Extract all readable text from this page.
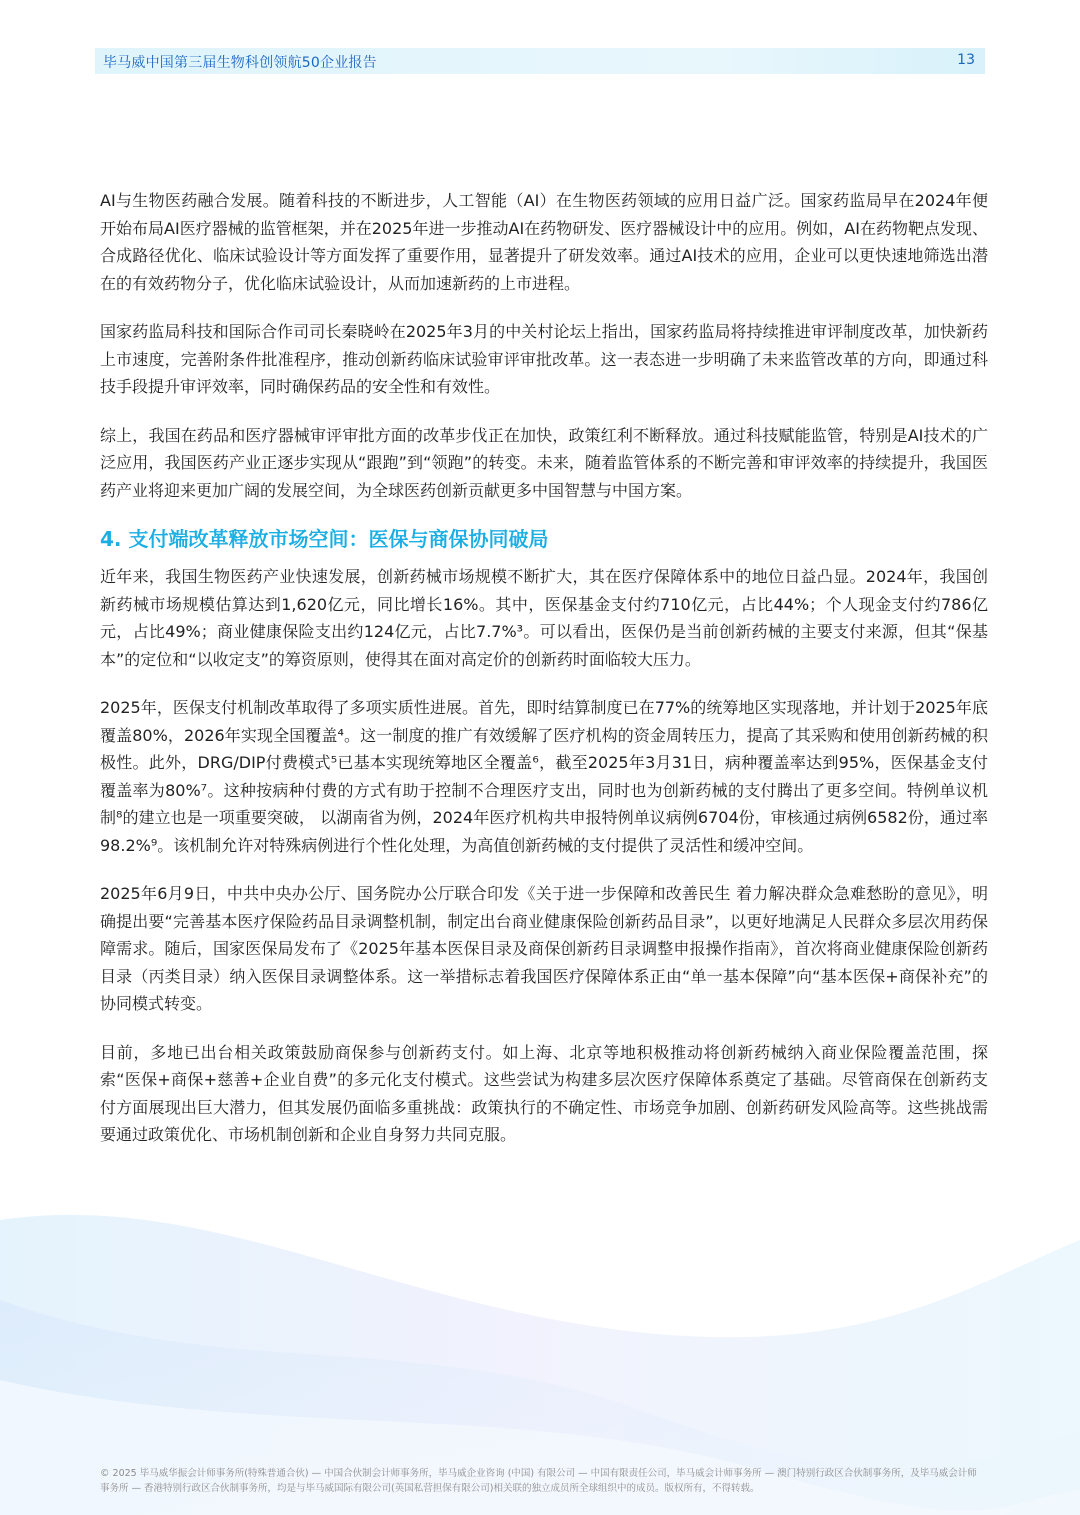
毕马威中国第三届生物科创领航50企业报告	13

AI与生物医药融合发展。随着科技的不断进步，人工智能（AI）在生物医药领域的应用日益广泛。国家药监局早在2024年便开始布局AI医疗器械的监管框架，并在2025年进一步推动AI在药物研发、医疗器械设计中的应用。例如，AI在药物靶点发现、合成路径优化、临床试验设计等方面发挥了重要作用，显著提升了研发效率。通过AI技术的应用，企业可以更快速地筛选出潜在的有效药物分子，优化临床试验设计，从而加速新药的上市进程。

国家药监局科技和国际合作司司长秦晓岭在2025年3月的中关村论坛上指出，国家药监局将持续推进审评制度改革，加快新药上市速度，完善附条件批准程序，推动创新药临床试验审评审批改革。这一表态进一步明确了未来监管改革的方向，即通过科技手段提升审评效率，同时确保药品的安全性和有效性。

综上，我国在药品和医疗器械审评审批方面的改革步伐正在加快，政策红利不断释放。通过科技赋能监管，特别是AI技术的广泛应用，我国医药产业正逐步实现从“跟跑”到“领跑”的转变。未来，随着监管体系的不断完善和审评效率的持续提升，我国医药产业将迎来更加广阔的发展空间，为全球医药创新贡献更多中国智慧与中国方案。

4. 支付端改革释放市场空间：医保与商保协同破局

近年来，我国生物医药产业快速发展，创新药械市场规模不断扩大，其在医疗保障体系中的地位日益凸显。2024年，我国创新药械市场规模估算达到1,620亿元，同比增长16%。其中，医保基金支付约710亿元，占比44%；个人现金支付约786亿元，占比49%；商业健康保险支出约124亿元，占比7.7%³。可以看出，医保仍是当前创新药械的主要支付来源，但其“保基本”的定位和“以收定支”的筹资原则，使得其在面对高定价的创新药时面临较大压力。

2025年，医保支付机制改革取得了多项实质性进展。首先，即时结算制度已在77%的统筹地区实现落地，并计划于2025年底覆盖80%，2026年实现全国覆盖⁴。这一制度的推广有效缓解了医疗机构的资金周转压力，提高了其采购和使用创新药械的积极性。此外，DRG/DIP付费模式⁵已基本实现统筹地区全覆盖⁶，截至2025年3月31日，病种覆盖率达到95%，医保基金支付覆盖率为80%⁷。这种按病种付费的方式有助于控制不合理医疗支出，同时也为创新药械的支付腾出了更多空间。特例单议机制⁸的建立也是一项重要突破， 以湖南省为例，2024年医疗机构共申报特例单议病例6704份，审核通过病例6582份，通过率98.2%⁹。该机制允许对特殊病例进行个性化处理，为高值创新药械的支付提供了灵活性和缓冲空间。

2025年6月9日，中共中央办公厅、国务院办公厅联合印发《关于进一步保障和改善民生 着力解决群众急难愁盼的意见》，明确提出要“完善基本医疗保险药品目录调整机制，制定出台商业健康保险创新药品目录”，以更好地满足人民群众多层次用药保障需求。随后，国家医保局发布了《2025年基本医保目录及商保创新药目录调整申报操作指南》，首次将商业健康保险创新药目录（丙类目录）纳入医保目录调整体系。这一举措标志着我国医疗保障体系正由“单一基本保障”向“基本医保+商保补充”的协同模式转变。

目前，多地已出台相关政策鼓励商保参与创新药支付。如上海、北京等地积极推动将创新药械纳入商业保险覆盖范围，探索“医保+商保+慈善+企业自费”的多元化支付模式。这些尝试为构建多层次医疗保障体系奠定了基础。尽管商保在创新药支付方面展现出巨大潜力，但其发展仍面临多重挑战：政策执行的不确定性、市场竞争加剧、创新药研发风险高等。这些挑战需要通过政策优化、市场机制创新和企业自身努力共同克服。

© 2025 毕马威华振会计师事务所(特殊普通合伙) — 中国合伙制会计师事务所，毕马威企业咨询 (中国) 有限公司 — 中国有限责任公司，毕马威会计师事务所 — 澳门特别行政区合伙制事务所，及毕马威会计师事务所 — 香港特别行政区合伙制事务所，均是与毕马威国际有限公司(英国私营担保有限公司)相关联的独立成员所全球组织中的成员。版权所有，不得转载。
